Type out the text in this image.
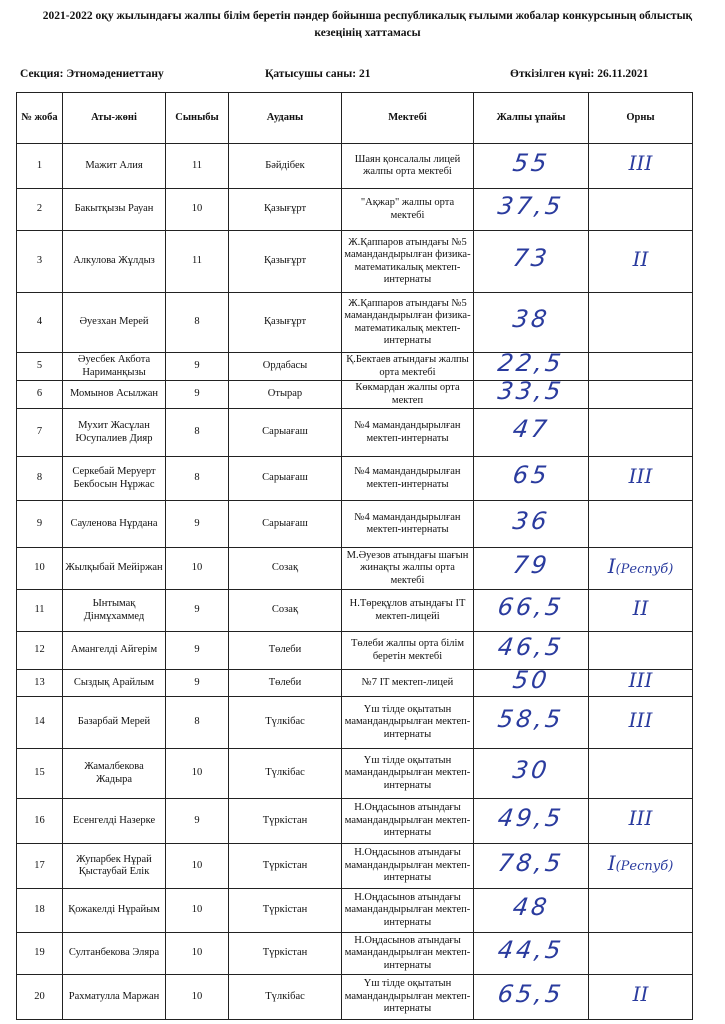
2021-2022 оқу жылындағы жалпы білім беретін пәндер бойынша республикалық ғылыми жобалар конкурсының облыстық
кезеңінің хаттамасы
Секция: Этномәдениеттану	Қатысушы саны: 21	Өткізілген күні: 26.11.2021
№ жоба	Аты-жөні	Сыныбы	Ауданы	Мектебі	Жалпы ұпайы	Орны
1	Мажит Алия	11	Бәйдібек	Шаян қонсалалы лицей жалпы орта мектебі	55	III
2	Бакытқызы Рауан	10	Қазығұрт	"Ақжар" жалпы орта мектебі	37,5	
3	Алкулова Жұлдыз	11	Қазығұрт	Ж.Қаппаров атындағы №5 мамандандырылған физика-математикалық мектеп-интернаты	73	II
4	Әуезхан Мерей	8	Қазығұрт	Ж.Қаппаров атындағы №5 мамандандырылған физика-математикалық мектеп-интернаты	38	
5	Әуесбек Акбота Нариманқызы	9	Ордабасы	Қ.Бектаев атындағы жалпы орта мектебі	22,5	
6	Момынов Асылжан	9	Отырар	Көкмардан жалпы орта мектеп	33,5	
7	Мухит Жасұлан Юсупалиев Дияр	8	Сарыағаш	№4 мамандандырылған мектеп-интернаты	47	
8	Серкебай Меруерт Бекбосын Нұржас	8	Сарыағаш	№4 мамандандырылған мектеп-интернаты	65	III
9	Сауленова Нұрдана	9	Сарыағаш	№4 мамандандырылған мектеп-интернаты	36	
10	Жылқыбай Мейіржан	10	Созақ	М.Әуезов атындағы шағын жинақты жалпы орта мектебі	79	I(Респуб)
11	Ынтымақ Дінмұхаммед	9	Созақ	Н.Төреқұлов атындағы IT мектеп-лицейі	66,5	II
12	Амангелді Айгерім	9	Төлеби	Төлеби жалпы орта білім беретін мектебі	46,5	
13	Сыздық Арайлым	9	Төлеби	№7 IT мектеп-лицей	50	III
14	Базарбай Мерей	8	Түлкібас	Үш тілде оқытатын мамандандырылған мектеп-интернаты	58,5	III
15	Жамалбекова Жадыра	10	Түлкібас	Үш тілде оқытатын мамандандырылған мектеп-интернаты	30	
16	Есенгелді Назерке	9	Түркістан	Н.Оңдасынов атындағы мамандандырылған мектеп-интернаты	49,5	III
17	Жупарбек Нұрай Қыстаубай Елік	10	Түркістан	Н.Оңдасынов атындағы мамандандырылған мектеп-интернаты	78,5	I(Респуб)
18	Қожакелді Нұрайым	10	Түркістан	Н.Оңдасынов атындағы мамандандырылған мектеп-интернаты	48	
19	Султанбекова Эляра	10	Түркістан	Н.Оңдасынов атындағы мамандандырылған мектеп-интернаты	44,5	
20	Рахматулла Маржан	10	Түлкібас	Үш тілде оқытатын мамандандырылған мектеп-интернаты	65,5	II
